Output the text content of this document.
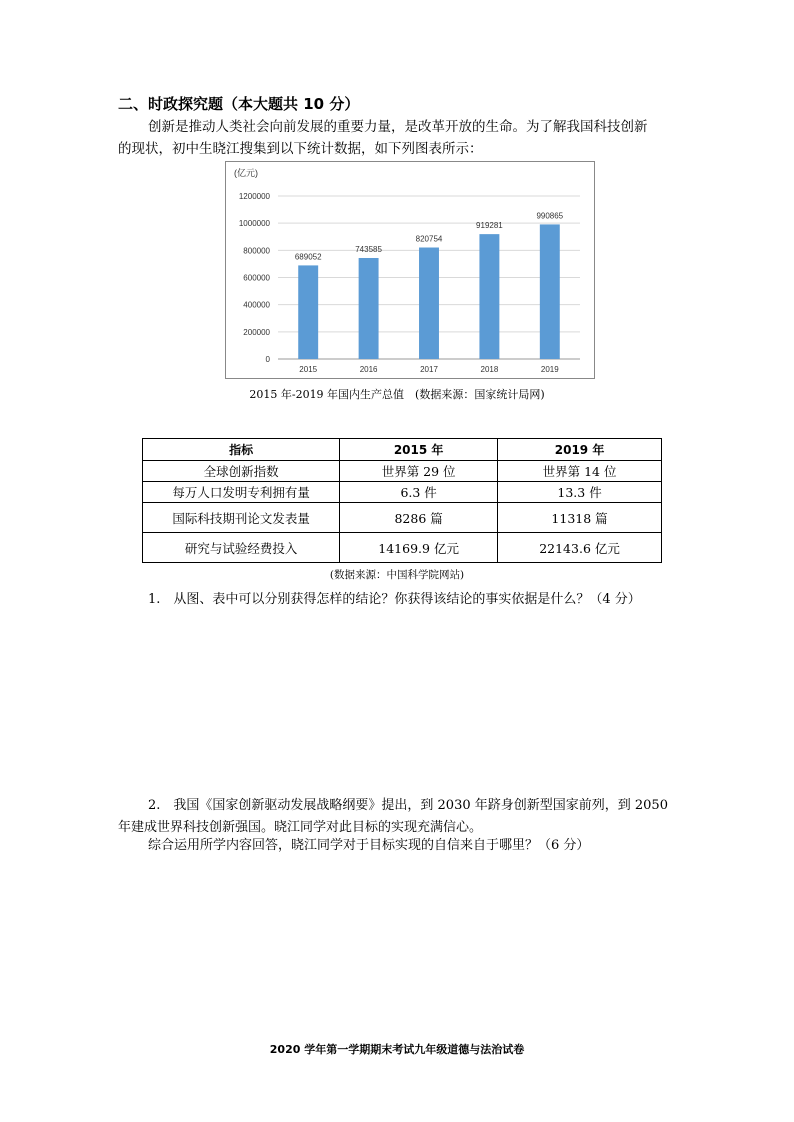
二、时政探究题（本大题共 10 分）
创新是推动人类社会向前发展的重要力量，是改革开放的生命。为了解我国科技创新
的现状，初中生晓江搜集到以下统计数据，如下列图表所示：
(亿元)
0
200000
400000
600000
800000
1000000
1200000
689052
2015
743585
2016
820754
2017
919281
2018
990865
2019
2015 年-2019 年国内生产总值　(数据来源：国家统计局网)
指标	2015 年	2019 年
全球创新指数	世界第 29 位	世界第 14 位
每万人口发明专利拥有量	6.3 件	13.3 件
国际科技期刊论文发表量	8286 篇	11318 篇
研究与试验经费投入	14169.9 亿元	22143.6 亿元
(数据来源：中国科学院网站)
1.　从图、表中可以分别获得怎样的结论？你获得该结论的事实依据是什么？（4 分）
2.　我国《国家创新驱动发展战略纲要》提出，到 2030 年跻身创新型国家前列，到 2050
年建成世界科技创新强国。晓江同学对此目标的实现充满信心。
综合运用所学内容回答，晓江同学对于目标实现的自信来自于哪里？（6 分）
2020 学年第一学期期末考试九年级道德与法治试卷
